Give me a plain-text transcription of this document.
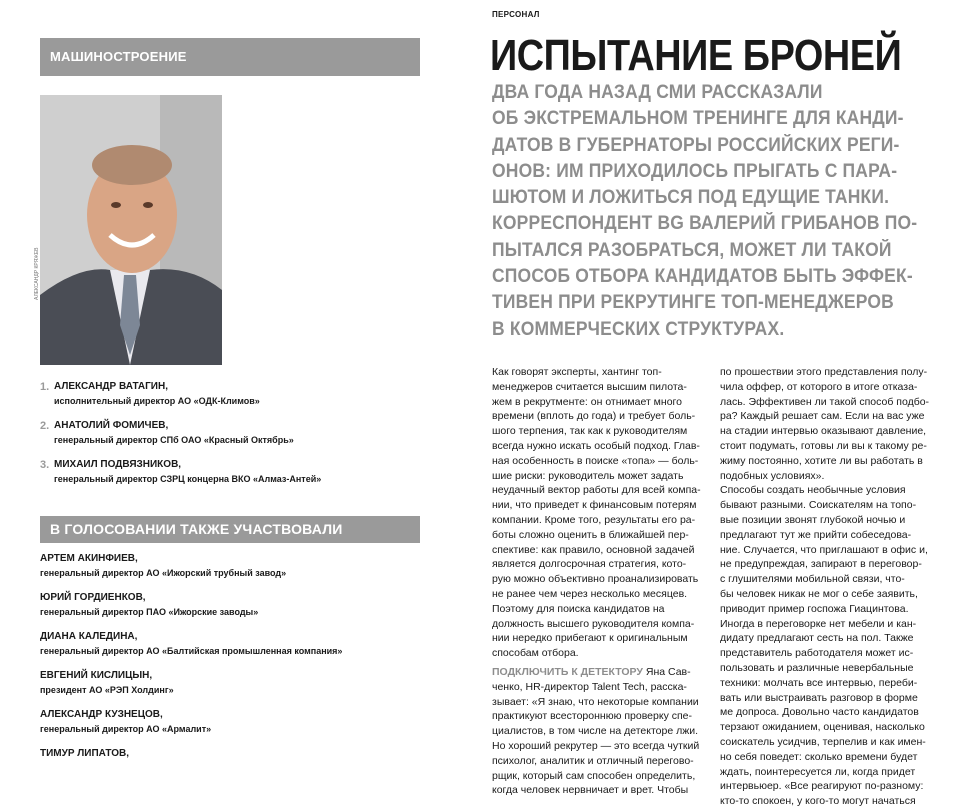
МАШИНОСТРОЕНИЕ
АЛЕКСАНДР КРЯЖЕВ
1. АЛЕКСАНДР ВАТАГИН,
исполнительный директор АО «ОДК-Климов»
2. АНАТОЛИЙ ФОМИЧЕВ,
генеральный директор СПб ОАО «Красный Октябрь»
3. МИХАИЛ ПОДВЯЗНИКОВ,
генеральный директор СЗРЦ концерна ВКО «Алмаз-Антей»
В ГОЛОСОВАНИИ ТАКЖЕ УЧАСТВОВАЛИ
АРТЕМ АКИНФИЕВ,
генеральный директор АО «Ижорский трубный завод»
ЮРИЙ ГОРДИЕНКОВ,
генеральный директор ПАО «Ижорские заводы»
ДИАНА КАЛЕДИНА,
генеральный директор АО «Балтийская промышленная компания»
ЕВГЕНИЙ КИСЛИЦЫН,
президент АО «РЭП Холдинг»
АЛЕКСАНДР КУЗНЕЦОВ,
генеральный директор АО «Армалит»
ТИМУР ЛИПАТОВ,
ПЕРСОНАЛ
ИСПЫТАНИЕ БРОНЕЙ
ДВА ГОДА НАЗАД СМИ РАССКАЗАЛИ
ОБ ЭКСТРЕМАЛЬНОМ ТРЕНИНГЕ ДЛЯ КАНДИ-
ДАТОВ В ГУБЕРНАТОРЫ РОССИЙСКИХ РЕГИ-
ОНОВ: ИМ ПРИХОДИЛОСЬ ПРЫГАТЬ С ПАРА-
ШЮТОМ И ЛОЖИТЬСЯ ПОД ЕДУЩИЕ ТАНКИ.
КОРРЕСПОНДЕНТ BG ВАЛЕРИЙ ГРИБАНОВ ПО-
ПЫТАЛСЯ РАЗОБРАТЬСЯ, МОЖЕТ ЛИ ТАКОЙ
СПОСОБ ОТБОРА КАНДИДАТОВ БЫТЬ ЭФФЕК-
ТИВЕН ПРИ РЕКРУТИНГЕ ТОП-МЕНЕДЖЕРОВ
В КОММЕРЧЕСКИХ СТРУКТУРАХ.
Как говорят эксперты, хантинг топ-
менеджеров считается высшим пилота-
жем в рекрутменте: он отнимает много
времени (вплоть до года) и требует боль-
шого терпения, так как к руководителям
всегда нужно искать особый подход. Глав-
ная особенность в поиске «топа» — боль-
шие риски: руководитель может задать
неудачный вектор работы для всей компа-
нии, что приведет к финансовым потерям
компании. Кроме того, результаты его ра-
боты сложно оценить в ближайшей пер-
спективе: как правило, основной задачей
является долгосрочная стратегия, кото-
рую можно объективно проанализировать
не ранее чем через несколько месяцев.
Поэтому для поиска кандидатов на
должность высшего руководителя компа-
нии нередко прибегают к оригинальным
способам отбора.

ПОДКЛЮЧИТЬ К ДЕТЕКТОРУ Яна Сав-
ченко, HR-директор Talent Tech, расска-
зывает: «Я знаю, что некоторые компании
практикуют всестороннюю проверку спе-
циалистов, в том числе на детекторе лжи.
Но хороший рекрутер — это всегда чуткий
психолог, аналитик и отличный перегово-
рщик, который сам способен определить,
когда человек нервничает и врет. Чтобы
по прошествии этого представления полу-
чила оффер, от которого в итоге отказа-
лась. Эффективен ли такой способ подбо-
ра? Каждый решает сам. Если на вас уже
на стадии интервью оказывают давление,
стоит подумать, готовы ли вы к такому ре-
жиму постоянно, хотите ли вы работать в
подобных условиях».
Способы создать необычные условия
бывают разными. Соискателям на топо-
вые позиции звонят глубокой ночью и
предлагают тут же прийти собеседова-
ние. Случается, что приглашают в офис и,
не предупреждая, запирают в переговор-
с глушителями мобильной связи, что-
бы человек никак не мог о себе заявить,
приводит пример госпожа Гиацинтова.
Иногда в переговорке нет мебели и кан-
дидату предлагают сесть на пол. Также
представитель работодателя может ис-
пользовать и различные невербальные
техники: молчать все интервью, переби-
вать или выстраивать разговор в форме
ме допроса. Довольно часто кандидатов
терзают ожиданием, оценивая, насколько
соискатель усидчив, терпелив и как имен-
но себя поведет: сколько времени будет
ждать, поинтересуется ли, когда придет
интервьюер. «Все реагируют по-разному:
кто-то спокоен, у кого-то могут начаться
